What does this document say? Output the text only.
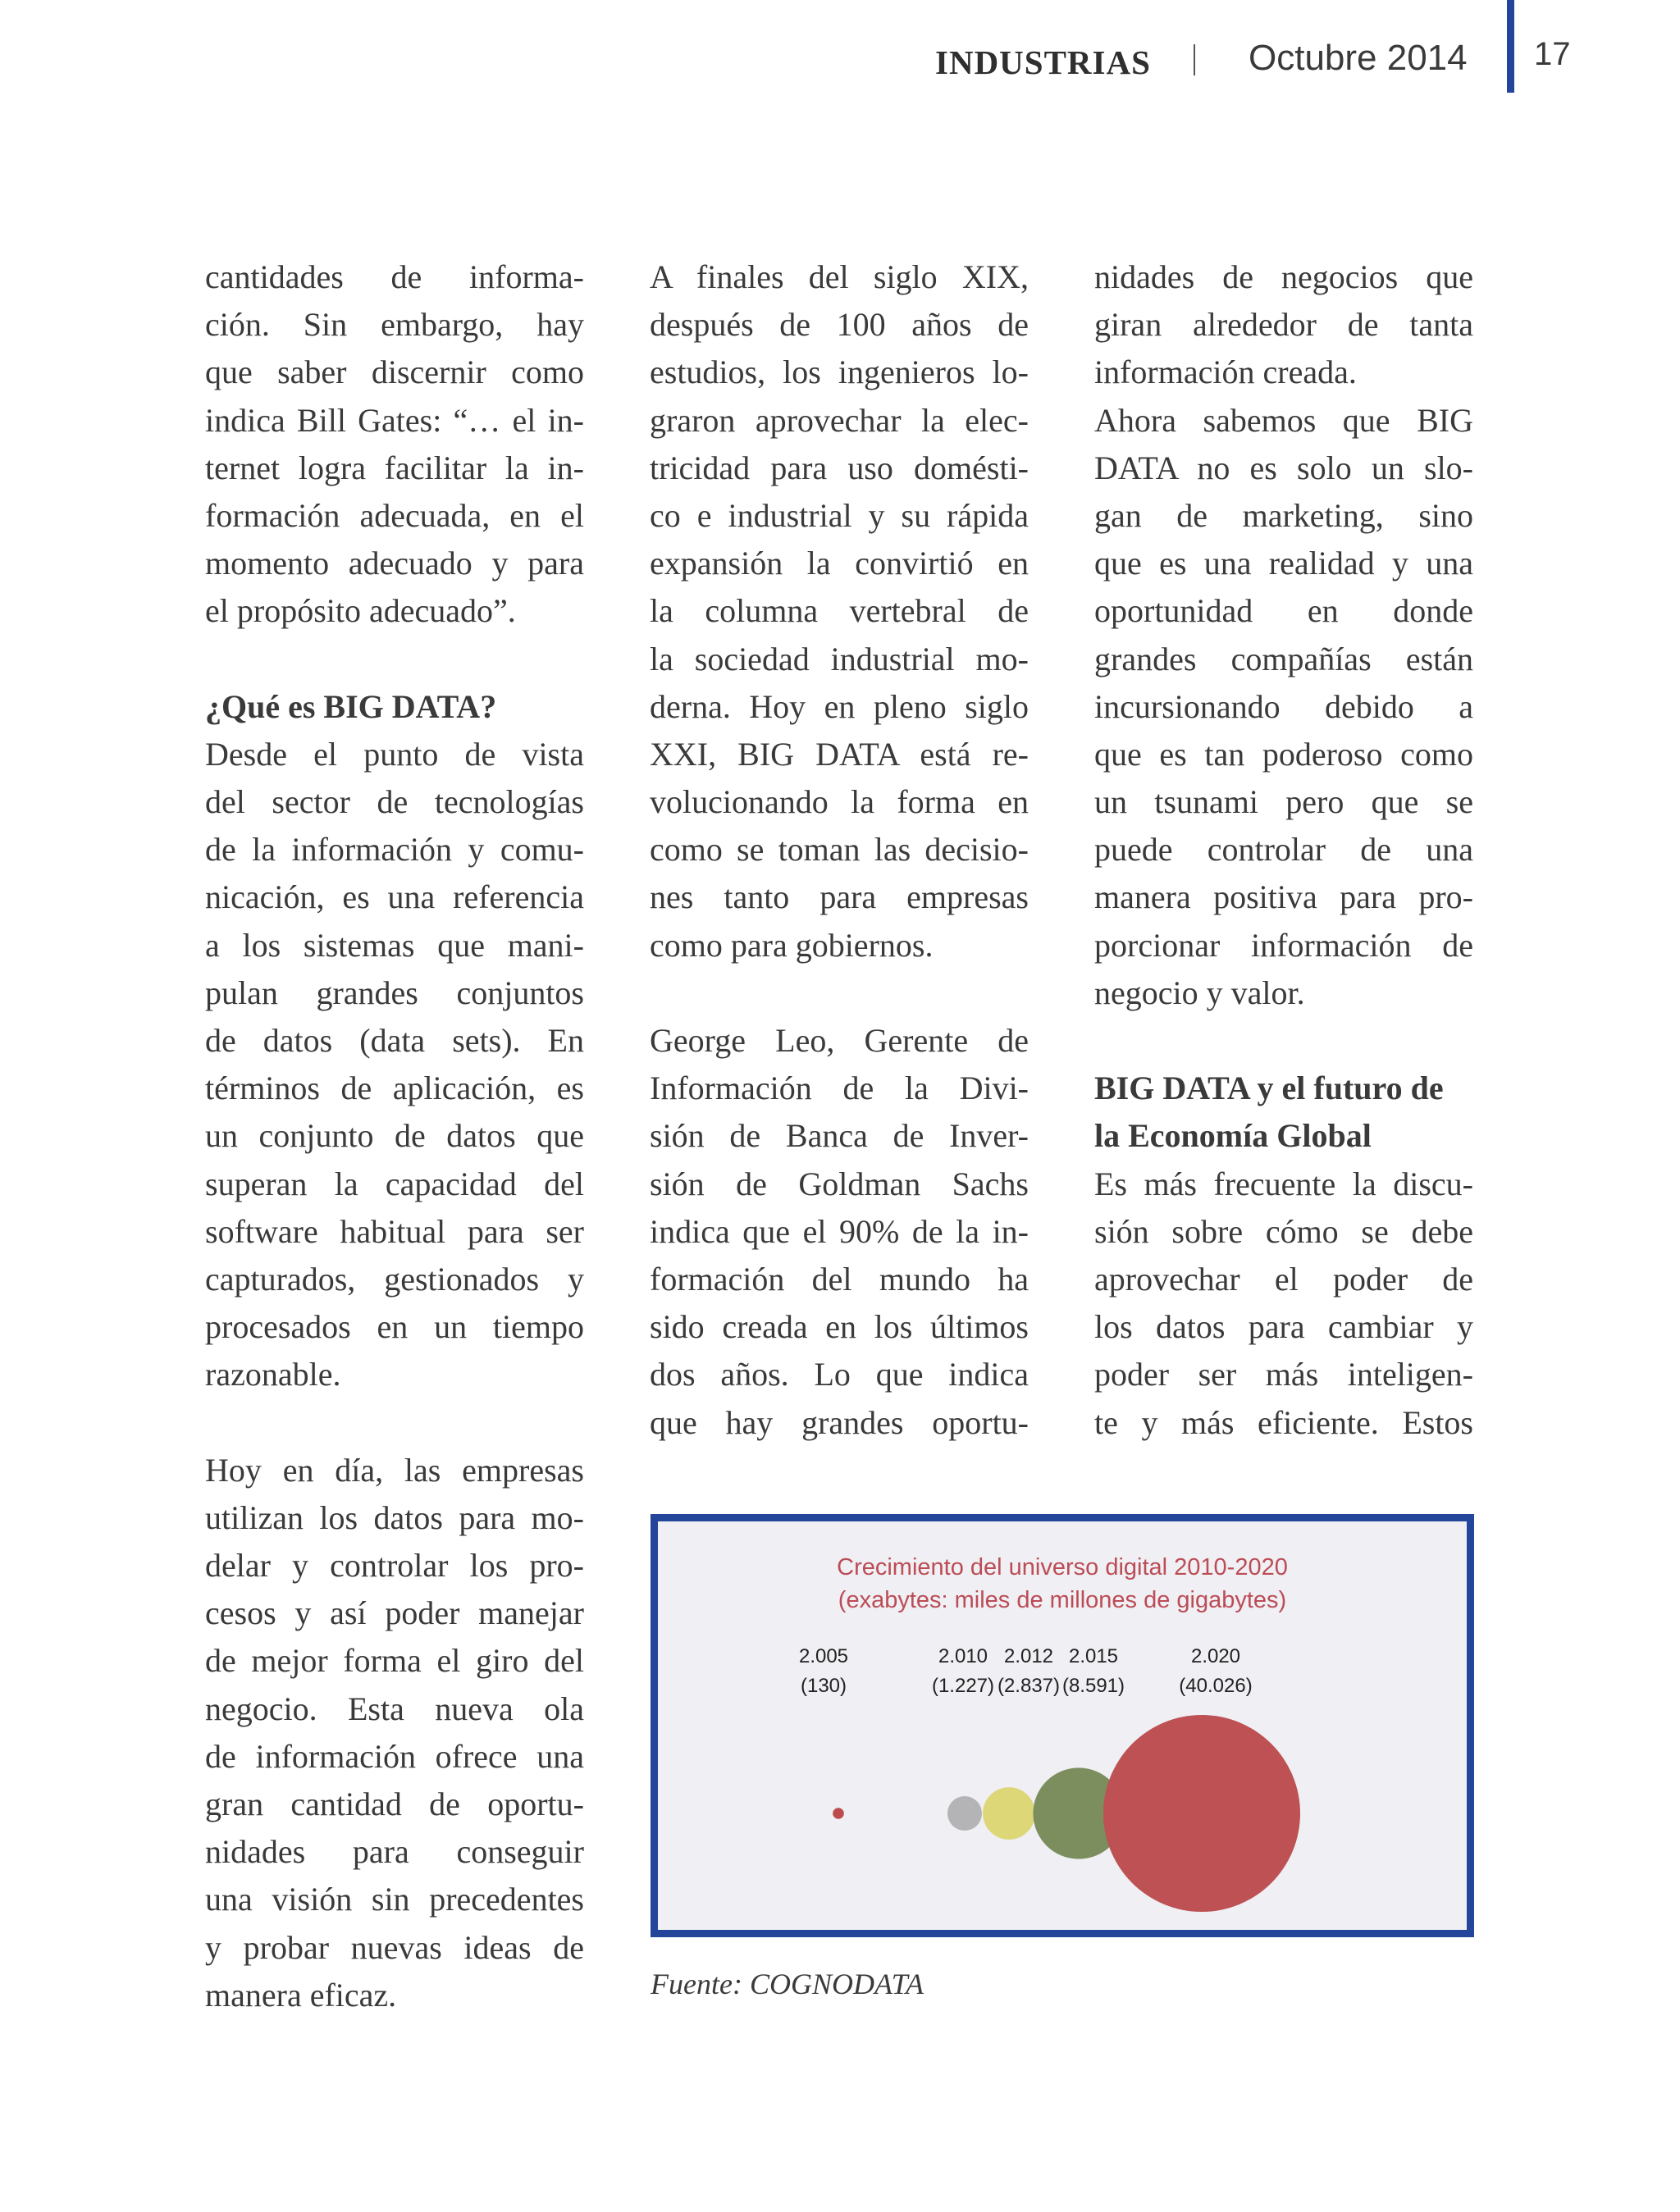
INDUSTRIAS	Octubre 2014 17
cantidades de informa-
ción. Sin embargo, hay
que saber discernir como
indica Bill Gates: “… el in-
ternet logra facilitar la in-
formación adecuada, en el
momento adecuado y para
el propósito adecuado”.
¿Qué es BIG DATA?
Desde el punto de vista
del sector de tecnologías
de la información y comu-
nicación, es una referencia
a los sistemas que mani-
pulan grandes conjuntos
de datos (data sets). En
términos de aplicación, es
un conjunto de datos que
superan la capacidad del
software habitual para ser
capturados, gestionados y
procesados en un tiempo
razonable.
Hoy en día, las empresas
utilizan los datos para mo-
delar y controlar los pro-
cesos y así poder manejar
de mejor forma el giro del
negocio. Esta nueva ola
de información ofrece una
gran cantidad de oportu-
nidades para conseguir
una visión sin precedentes
y probar nuevas ideas de
manera eficaz.
A finales del siglo XIX,
después de 100 años de
estudios, los ingenieros lo-
graron aprovechar la elec-
tricidad para uso domésti-
co e industrial y su rápida
expansión la convirtió en
la columna vertebral de
la sociedad industrial mo-
derna. Hoy en pleno siglo
XXI, BIG DATA está re-
volucionando la forma en
como se toman las decisio-
nes tanto para empresas
como para gobiernos.
George Leo, Gerente de
Información de la Divi-
sión de Banca de Inver-
sión de Goldman Sachs
indica que el 90% de la in-
formación del mundo ha
sido creada en los últimos
dos años. Lo que indica
que hay grandes oportu-
nidades de negocios que
giran alrededor de tanta
información creada.
Ahora sabemos que BIG
DATA no es solo un slo-
gan de marketing, sino
que es una realidad y una
oportunidad en donde
grandes compañías están
incursionando debido a
que es tan poderoso como
un tsunami pero que se
puede controlar de una
manera positiva para pro-
porcionar información de
negocio y valor.
BIG DATA y el futuro de
la Economía Global
Es más frecuente la discu-
sión sobre cómo se debe
aprovechar el poder de
los datos para cambiar y
poder ser más inteligen-
te y más eficiente. Estos
Crecimiento del universo digital 2010-2020
(exabytes: miles de millones de gigabytes)
2.005
(130)
2.010
(1.227)
2.012
(2.837)
2.015
(8.591)
2.020
(40.026)
Fuente: COGNODATA
